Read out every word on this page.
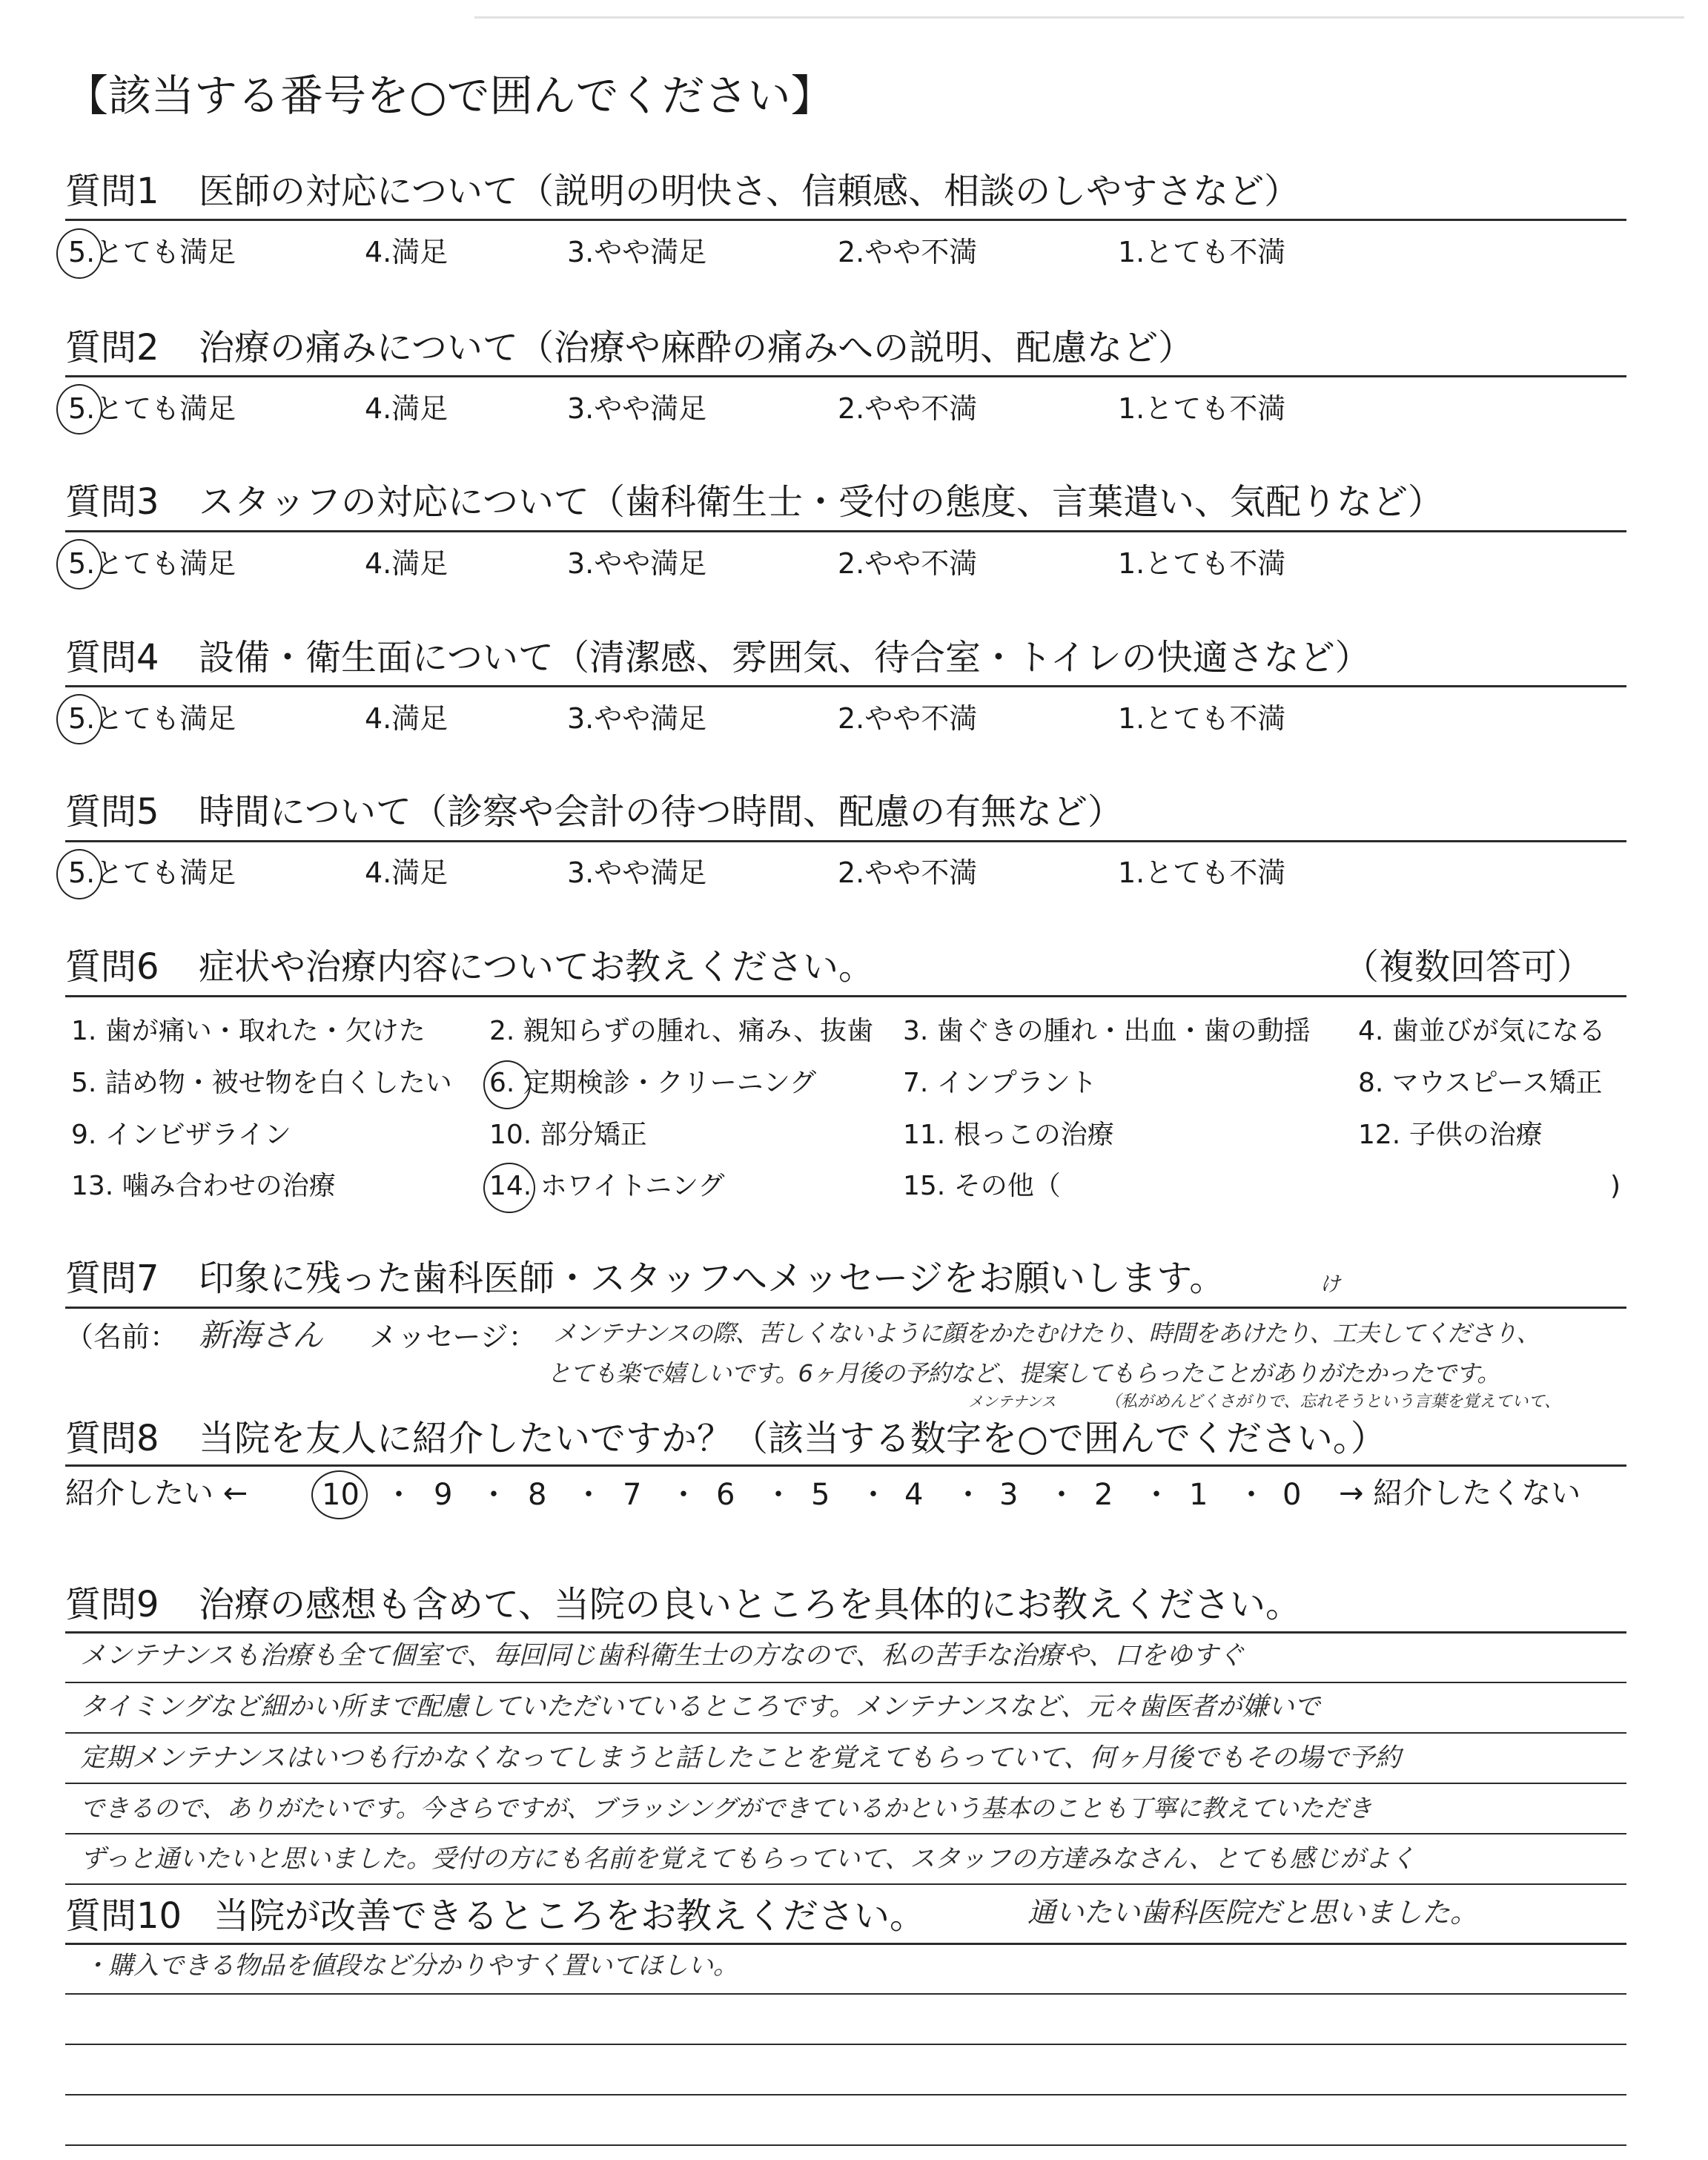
【該当する番号を○で囲んでください】
質問1 医師の対応について（説明の明快さ、信頼感、相談のしやすさなど）
5.とても満足	4.満足	3.やや満足	2.やや不満	1.とても不満
質問2 治療の痛みについて（治療や麻酔の痛みへの説明、配慮など）
5.とても満足	4.満足	3.やや満足	2.やや不満	1.とても不満
質問3 スタッフの対応について（歯科衛生士・受付の態度、言葉遣い、気配りなど）
5.とても満足	4.満足	3.やや満足	2.やや不満	1.とても不満
質問4 設備・衛生面について（清潔感、雰囲気、待合室・トイレの快適さなど）
5.とても満足	4.満足	3.やや満足	2.やや不満	1.とても不満
質問5 時間について（診察や会計の待つ時間、配慮の有無など）
5.とても満足	4.満足	3.やや満足	2.やや不満	1.とても不満
質問6 症状や治療内容についてお教えください。	（複数回答可）
1. 歯が痛い・取れた・欠けた 2. 親知らずの腫れ、痛み、抜歯 3. 歯ぐきの腫れ・出血・歯の動揺 4. 歯並びが気になる
5. 詰め物・被せ物を白くしたい 6. 定期検診・クリーニング	7. インプラント	8. マウスピース矯正
9. インビザライン	10. 部分矯正	11. 根っこの治療	12. 子供の治療
13. 噛み合わせの治療	14. ホワイトニング	15. その他（	)
質問7 印象に残った歯科医師・スタッフへメッセージをお願いします。	け
（名前： 新海さん メッセージ： メンテナンスの際、苦しくないように顔をかたむけたり、時間をあけたり、工夫してくださり、
とても楽で嬉しいです。6ヶ月後の予約など、提案してもらったことがありがたかったです。
メンテナンス	（私がめんどくさがりで、忘れそうという言葉を覚えていて、
質問8 当院を友人に紹介したいですか？（該当する数字を○で囲んでください。）
紹介したい ← 10 ・ 9 ・ 8 ・ 7 ・ 6 ・ 5 ・ 4 ・ 3 ・ 2 ・ 1 ・ 0 → 紹介したくない
質問9 治療の感想も含めて、当院の良いところを具体的にお教えください。
メンテナンスも治療も全て個室で、毎回同じ歯科衛生士の方なので、私の苦手な治療や、口をゆすぐ
タイミングなど細かい所まで配慮していただいているところです。メンテナンスなど、元々歯医者が嫌いで
定期メンテナンスはいつも行かなくなってしまうと話したことを覚えてもらっていて、何ヶ月後でもその場で予約
できるので、ありがたいです。今さらですが、ブラッシングができているかという基本のことも丁寧に教えていただき
ずっと通いたいと思いました。受付の方にも名前を覚えてもらっていて、スタッフの方達みなさん、とても感じがよく
通いたい歯科医院だと思いました。
質問10 当院が改善できるところをお教えください。
・購入できる物品を値段など分かりやすく置いてほしい。
